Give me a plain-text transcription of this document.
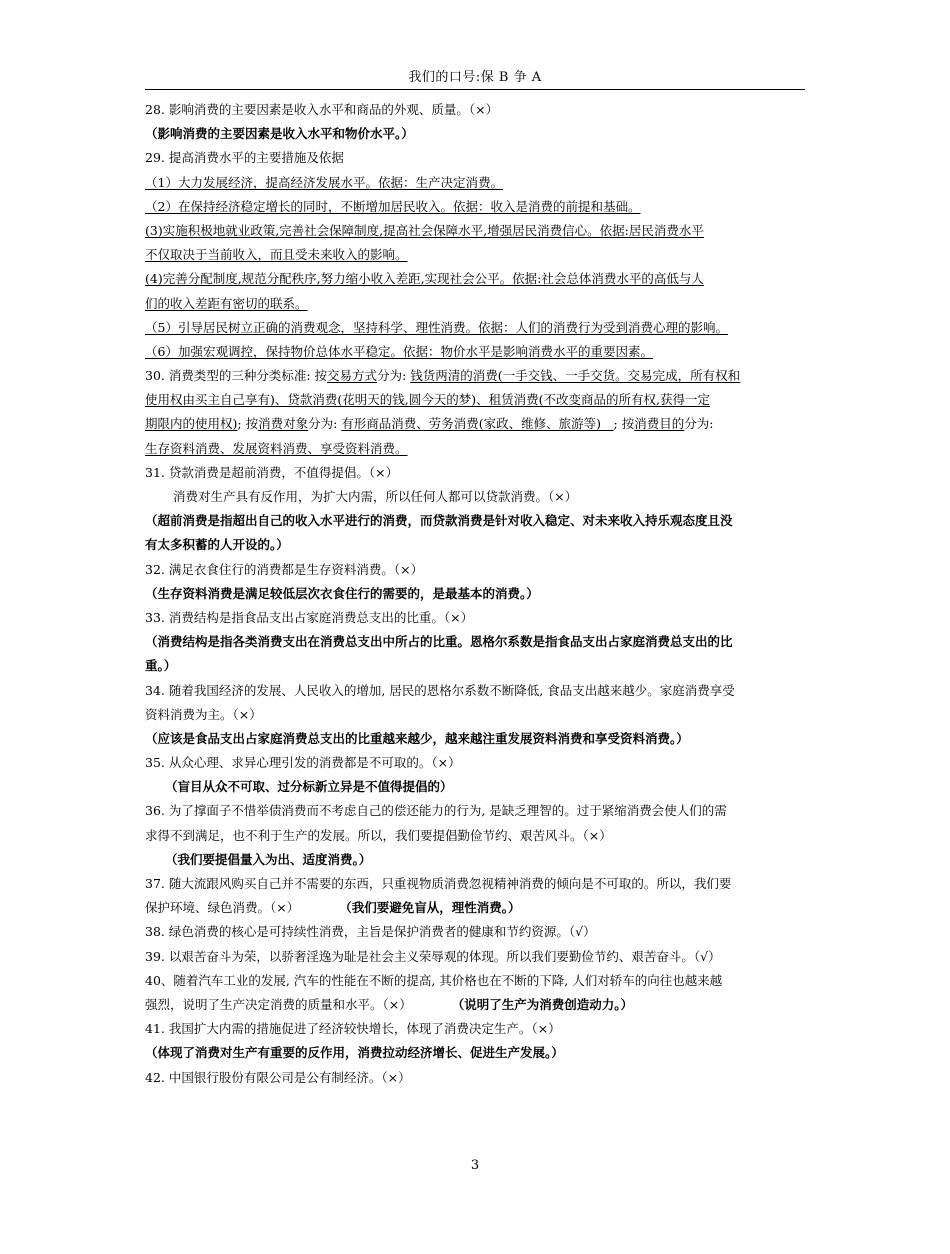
我们的口号:保 B 争 A
28. 影响消费的主要因素是收入水平和商品的外观、质量。（×）
（影响消费的主要因素是收入水平和物价水平。）
29. 提高消费水平的主要措施及依据
（1）大力发展经济，提高经济发展水平。依据：生产决定消费。
（2）在保持经济稳定增长的同时，不断增加居民收入。依据：收入是消费的前提和基础。
(3)实施积极地就业政策,完善社会保障制度,提高社会保障水平,增强居民消费信心。依据:居民消费水平
不仅取决于当前收入，而且受未来收入的影响。
(4)完善分配制度,规范分配秩序,努力缩小收入差距,实现社会公平。依据:社会总体消费水平的高低与人
们的收入差距有密切的联系。
（5）引导居民树立正确的消费观念，坚持科学、理性消费。依据：人们的消费行为受到消费心理的影响。
（6）加强宏观调控，保持物价总体水平稳定。依据：物价水平是影响消费水平的重要因素。
30. 消费类型的三种分类标准: 按交易方式分为: 钱货两清的消费(一手交钱、一手交货。交易完成，所有权和
使用权由买主自己享有)、贷款消费(花明天的钱,圆今天的梦)、租赁消费(不改变商品的所有权,获得一定
期限内的使用权); 按消费对象分为: 有形商品消费、劳务消费(家政、维修、旅游等)　; 按消费目的分为:
生存资料消费、发展资料消费、享受资料消费。
31. 贷款消费是超前消费，不值得提倡。（×）
消费对生产具有反作用，为扩大内需，所以任何人都可以贷款消费。（×）
（超前消费是指超出自己的收入水平进行的消费，而贷款消费是针对收入稳定、对未来收入持乐观态度且没
有太多积蓄的人开设的。）
32. 满足衣食住行的消费都是生存资料消费。（×）
（生存资料消费是满足较低层次衣食住行的需要的，是最基本的消费。）
33. 消费结构是指食品支出占家庭消费总支出的比重。（×）
（消费结构是指各类消费支出在消费总支出中所占的比重。恩格尔系数是指食品支出占家庭消费总支出的比
重。）
34. 随着我国经济的发展、人民收入的增加, 居民的恩格尔系数不断降低, 食品支出越来越少。家庭消费享受
资料消费为主。（×）
（应该是食品支出占家庭消费总支出的比重越来越少，越来越注重发展资料消费和享受资料消费。）
35. 从众心理、求异心理引发的消费都是不可取的。（×）
（盲目从众不可取、过分标新立异是不值得提倡的）
36. 为了撑面子不惜举债消费而不考虑自己的偿还能力的行为, 是缺乏理智的。过于紧缩消费会使人们的需
求得不到满足，也不利于生产的发展。所以，我们要提倡勤俭节约、艰苦风斗。（×）
（我们要提倡量入为出、适度消费。）
37. 随大流跟风购买自己并不需要的东西，只重视物质消费忽视精神消费的倾向是不可取的。所以，我们要
保护环境、绿色消费。（×）	（我们要避免盲从，理性消费。）
38. 绿色消费的核心是可持续性消费，主旨是保护消费者的健康和节约资源。（√）
39. 以艰苦奋斗为荣，以骄奢淫逸为耻是社会主义荣辱观的体现。所以我们要勤俭节约、艰苦奋斗。（√）
40、随着汽车工业的发展, 汽车的性能在不断的提高, 其价格也在不断的下降, 人们对轿车的向往也越来越
强烈，说明了生产决定消费的质量和水平。（×）	（说明了生产为消费创造动力。）
41. 我国扩大内需的措施促进了经济较快增长，体现了消费决定生产。（×）
（体现了消费对生产有重要的反作用，消费拉动经济增长、促进生产发展。）
42. 中国银行股份有限公司是公有制经济。（×）
3
